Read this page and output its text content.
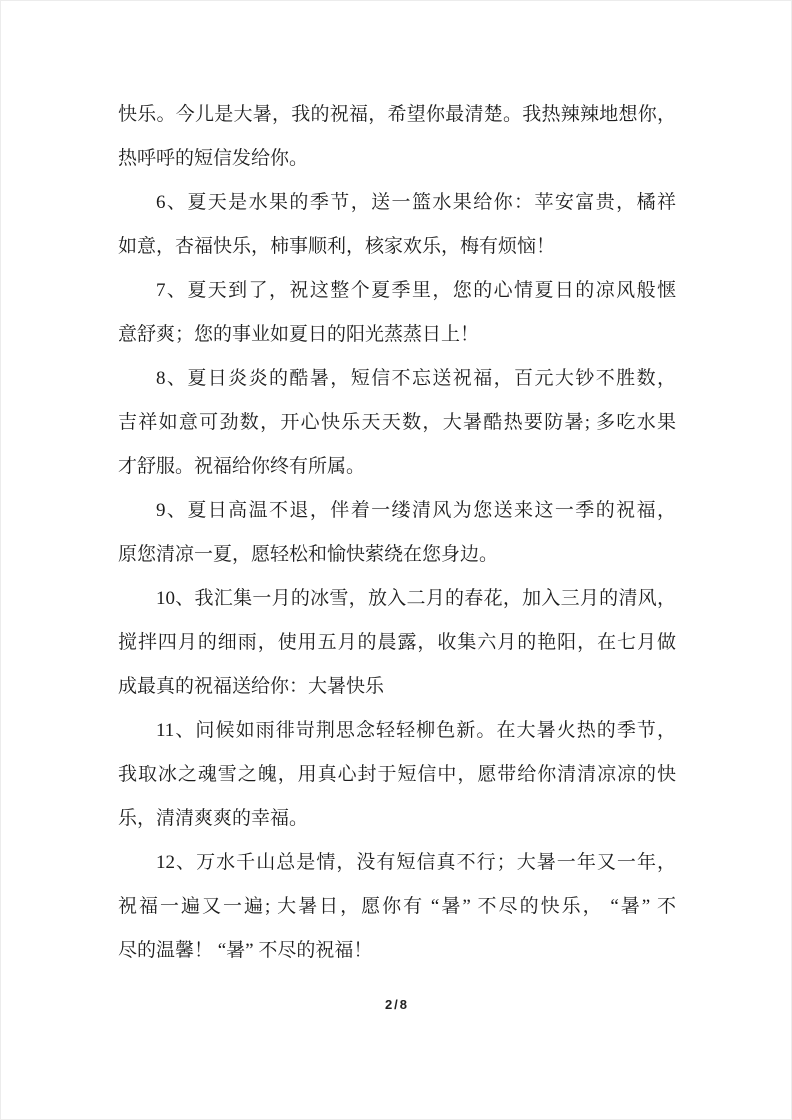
快乐。今儿是大暑，我的祝福，希望你最清楚。我热辣辣地想你，
热呼呼的短信发给你。
6、夏天是水果的季节，送一篮水果给你：苹安富贵，橘祥
如意，杏福快乐，柿事顺利，核家欢乐，梅有烦恼！
7、夏天到了，祝这整个夏季里，您的心情夏日的凉风般惬
意舒爽；您的事业如夏日的阳光蒸蒸日上！
8、夏日炎炎的酷暑，短信不忘送祝福，百元大钞不胜数，
吉祥如意可劲数，开心快乐天天数，大暑酷热要防暑; 多吃水果
才舒服。祝福给你终有所属。
9、夏日高温不退，伴着一缕清风为您送来这一季的祝福，
原您清凉一夏，愿轻松和愉快萦绕在您身边。
10、我汇集一月的冰雪，放入二月的春花，加入三月的清风，
搅拌四月的细雨，使用五月的晨露，收集六月的艳阳，在七月做
成最真的祝福送给你：大暑快乐
11、问候如雨徘岢荆思念轻轻柳色新。在大暑火热的季节，
我取冰之魂雪之魄，用真心封于短信中，愿带给你清清凉凉的快
乐，清清爽爽的幸福。
12、万水千山总是情，没有短信真不行；大暑一年又一年，
祝福一遍又一遍; 大暑日，愿你有 “暑” 不尽的快乐， “暑” 不
尽的温馨！ “暑” 不尽的祝福！
2/8
